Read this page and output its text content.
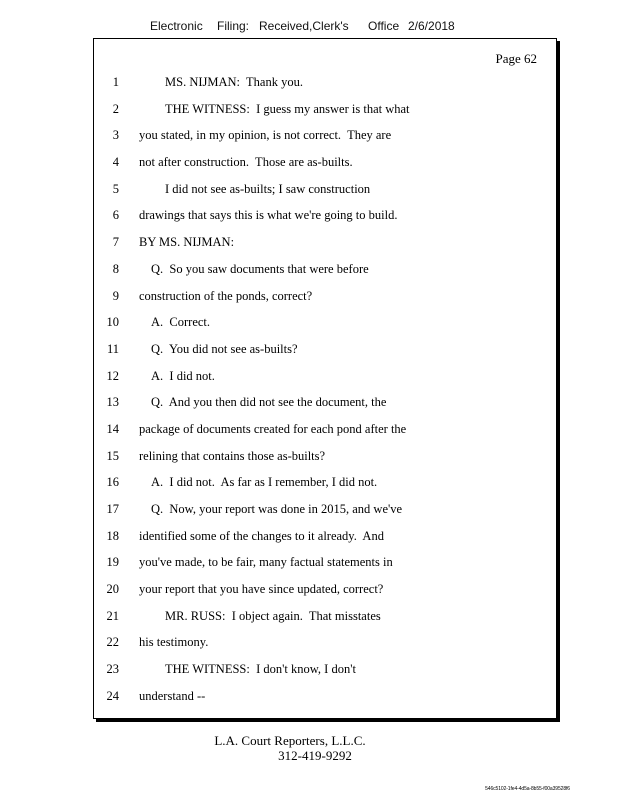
Electronic Filing: Received,Clerk's Office 2/6/2018
Page 62
1	MS. NIJMAN:  Thank you.
2	THE WITNESS:  I guess my answer is that what
3 you stated, in my opinion, is not correct.  They are
4 not after construction.  Those are as-builts.
5	I did not see as-builts; I saw construction
6 drawings that says this is what we're going to build.
7 BY MS. NIJMAN:
8	Q.  So you saw documents that were before
9 construction of the ponds, correct?
10	A.  Correct.
11	Q.  You did not see as-builts?
12	A.  I did not.
13	Q.  And you then did not see the document, the
14 package of documents created for each pond after the
15 relining that contains those as-builts?
16	A.  I did not.  As far as I remember, I did not.
17	Q.  Now, your report was done in 2015, and we've
18 identified some of the changes to it already.  And
19 you've made, to be fair, many factual statements in
20 your report that you have since updated, correct?
21	MR. RUSS:  I object again.  That misstates
22 his testimony.
23	THE WITNESS:  I don't know, I don't
24 understand --
L.A. Court Reporters, L.L.C.
312-419-9292
546c5102-1fe4-4d5a-8b55-f00a39528f6
